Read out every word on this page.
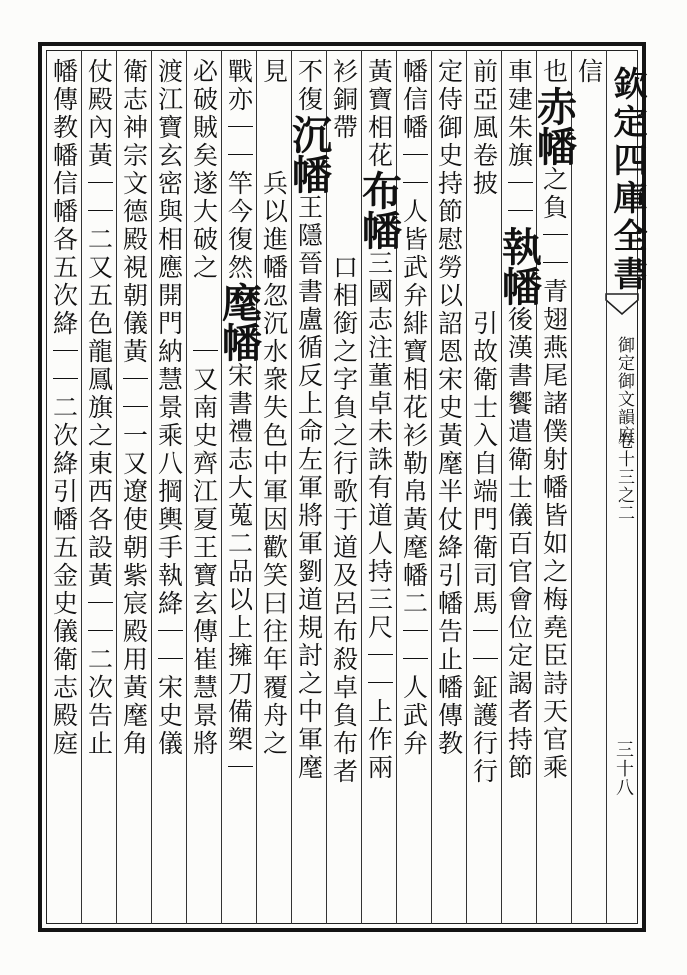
欽定四庫全書
御定御文韻府
卷十三之二
三十八
信
也赤幡之負｜｜青翅燕尾諸僕射幡皆如之梅堯臣詩天官乘
車建朱旗｜｜執幡後漢書饗遣衛士儀百官會位定謁者持節
前亞風卷披　　　　引故衛士入自端門衛司馬｜｜鉦護行行
定侍御史持節慰勞以詔恩宋史黃麾半仗絳引幡告止幡傳教
幡信幡｜｜人皆武弁緋寶相花衫勒帛黃麾幡二｜｜人武弁
黃寶相花布幡三國志注董卓未誅有道人持三尺｜｜上作兩
衫銅帶　　　　口相銜之字負之行歌于道及呂布殺卓負布者
不復沉幡王隱晉書盧循反上命左軍將軍劉道規討之中軍麾
見　　　兵以進幡忽沉水衆失色中軍因歡笑曰往年覆舟之
戰亦｜｜竿今復然麾幡宋書禮志大蒐二品以上擁刀備槊｜
必破賊矣遂大破之　　｜又南史齊江夏王寶玄傳崔慧景將
渡江寶玄密與相應開門納慧景乘八掆輿手執絳｜｜宋史儀
衛志神宗文德殿視朝儀黃｜｜一又遼使朝紫宸殿用黃麾角
仗殿內黃｜｜二又五色龍鳳旗之東西各設黃｜｜二次告止
幡傳教幡信幡各五次絳｜｜二次絳引幡五金史儀衛志殿庭
